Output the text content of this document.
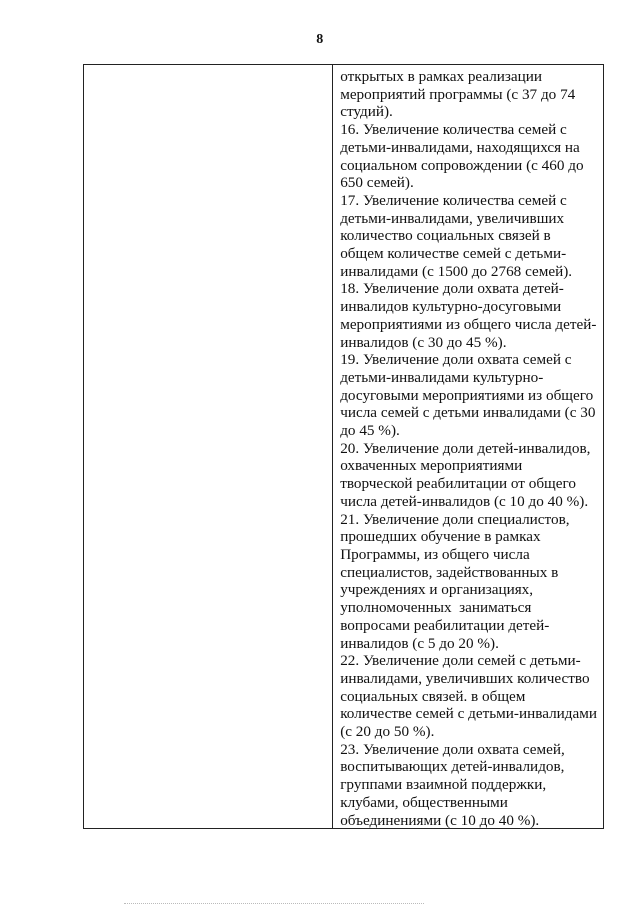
8

открытых в рамках реализации
мероприятий программы (с 37 до 74
студий).

16. Увеличение количества семей с
детьми-инвалидами, находящихся на
социальном сопровождении (с 460 до
650 семей).

17. Увеличение количества семей с
детьми-инвалидами, увеличивших
количество социальных связей в
общем количестве семей с детьми-
инвалидами (с 1500 до 2768 семей).

18. Увеличение доли охвата детей-
инвалидов культурно-досуговыми
мероприятиями из общего числа детей-
инвалидов (с 30 до 45 %).

19. Увеличение доли охвата семей с
детьми-инвалидами культурно-
досуговыми мероприятиями из общего
числа семей с детьми инвалидами (с 30
до 45 %).

20. Увеличение доли детей-инвалидов,
охваченных мероприятиями
творческой реабилитации от общего
числа детей-инвалидов (с 10 до 40 %).

21. Увеличение доли специалистов,
прошедших обучение в рамках
Программы, из общего числа
специалистов, задействованных в
учреждениях и организациях,
уполномоченных  заниматься
вопросами реабилитации детей-
инвалидов (с 5 до 20 %).

22. Увеличение доли семей с детьми-
инвалидами, увеличивших количество
социальных связей. в общем
количестве семей с детьми-инвалидами
(с 20 до 50 %).

23. Увеличение доли охвата семей,
воспитывающих детей-инвалидов,
группами взаимной поддержки,
клубами, общественными
объединениями (с 10 до 40 %).
